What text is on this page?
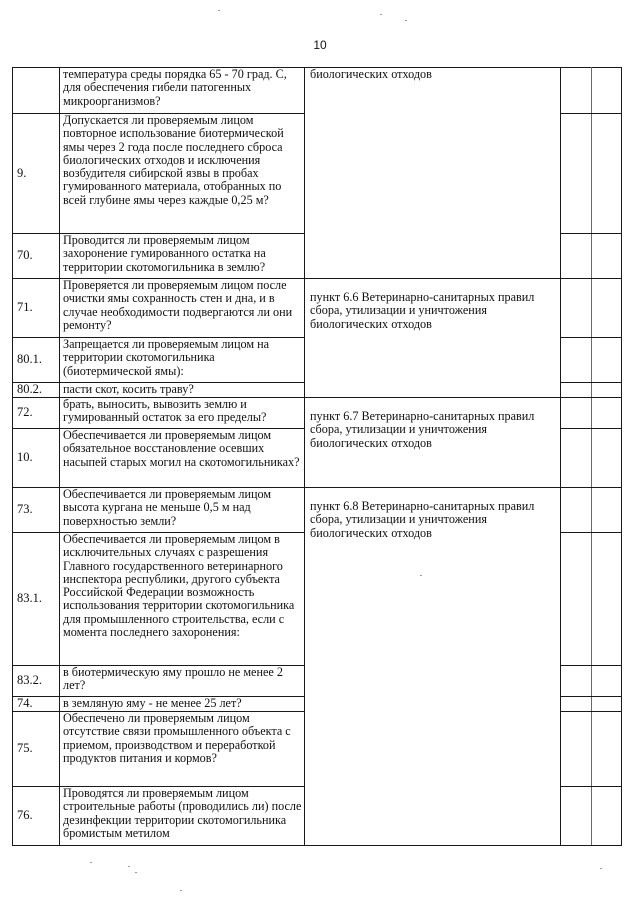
10
	температура среды порядка 65 - 70 град. С, для обеспечения гибели патогенных микроорганизмов?	биологических отходов		

9.	Допускается ли проверяемым лицом повторное использование биотермической ямы через 2 года после последнего сброса биологических отходов и исключения возбудителя сибирской язвы в пробах гумированного материала, отобранных по всей глубине ямы через каждые 0,25 м?			
70.	Проводится ли проверяемым лицом захоронение гумированного остатка на территории скотомогильника в землю?			
71.	Проверяется ли проверяемым лицом после очистки ямы сохранность стен и дна, и в случае необходимости подвергаются ли они ремонту?	пункт 6.6 Ветеринарно-санитарных правил сбора, утилизации и уничтожения биологических отходов		

80.1.	Запрещается ли проверяемым лицом на территории скотомогильника (биотермической ямы):			
80.2.	пасти скот, косить траву?			
72.	брать, выносить, вывозить землю и гумированный остаток за его пределы?	пункт 6.7 Ветеринарно-санитарных правил сбора, утилизации и уничтожения биологических отходов		

10.	Обеспечивается ли проверяемым лицом обязательное восстановление осевших насыпей старых могил на скотомогильниках?			
73.	Обеспечивается ли проверяемым лицом высота кургана не меньше 0,5 м над поверхностью земли?	пункт 6.8 Ветеринарно-санитарных правил сбора, утилизации и уничтожения биологических отходов		

83.1.	Обеспечивается ли проверяемым лицом в исключительных случаях с разрешения Главного государственного ветеринарного инспектора республики, другого субъекта Российской Федерации возможность использования территории скотомогильника для промышленного строительства, если с момента последнего захоронения:			
83.2.	в биотермическую яму прошло не менее 2 лет?			
74.	в земляную яму - не менее 25 лет?			
75.	Обеспечено ли проверяемым лицом отсутствие связи промышленного объекта с приемом, производством и переработкой продуктов питания и кормов?			
76.	Проводятся ли проверяемым лицом строительные работы (проводились ли) после дезинфекции территории скотомогильника бромистым метилом			
